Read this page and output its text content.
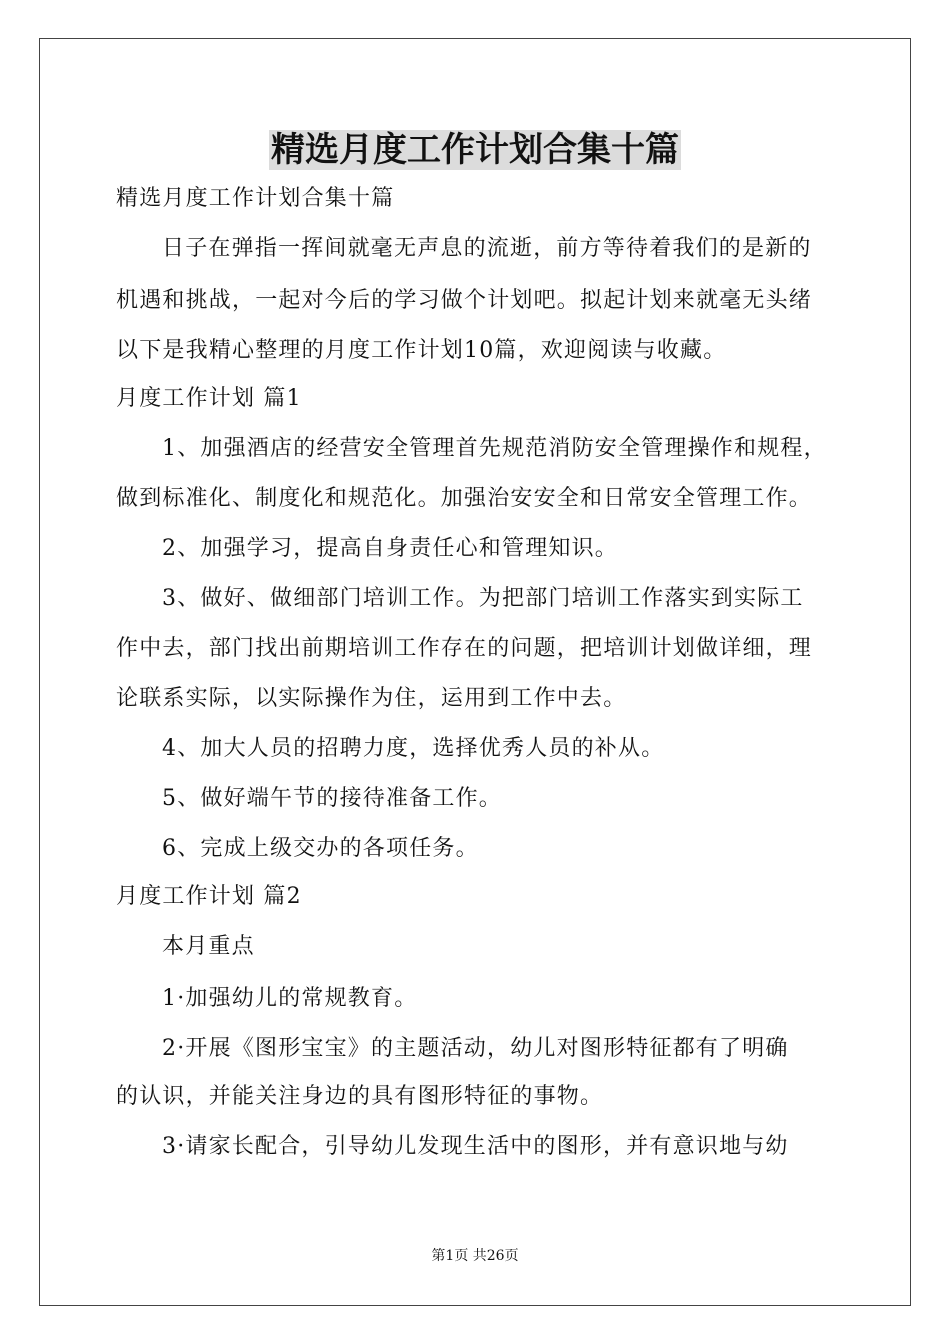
精选月度工作计划合集十篇
精选月度工作计划合集十篇
日子在弹指一挥间就毫无声息的流逝，前方等待着我们的是新的
机遇和挑战，一起对今后的学习做个计划吧。拟起计划来就毫无头绪
以下是我精心整理的月度工作计划10篇，欢迎阅读与收藏。
月度工作计划 篇1
1、加强酒店的经营安全管理首先规范消防安全管理操作和规程，
做到标准化、制度化和规范化。加强治安安全和日常安全管理工作。
2、加强学习，提高自身责任心和管理知识。
3、做好、做细部门培训工作。为把部门培训工作落实到实际工
作中去，部门找出前期培训工作存在的问题，把培训计划做详细，理
论联系实际，以实际操作为住，运用到工作中去。
4、加大人员的招聘力度，选择优秀人员的补从。
5、做好端午节的接待准备工作。
6、完成上级交办的各项任务。
月度工作计划 篇2
本月重点
1·加强幼儿的常规教育。
2·开展《图形宝宝》的主题活动，幼儿对图形特征都有了明确
的认识，并能关注身边的具有图形特征的事物。
3·请家长配合，引导幼儿发现生活中的图形，并有意识地与幼
第1页 共26页
